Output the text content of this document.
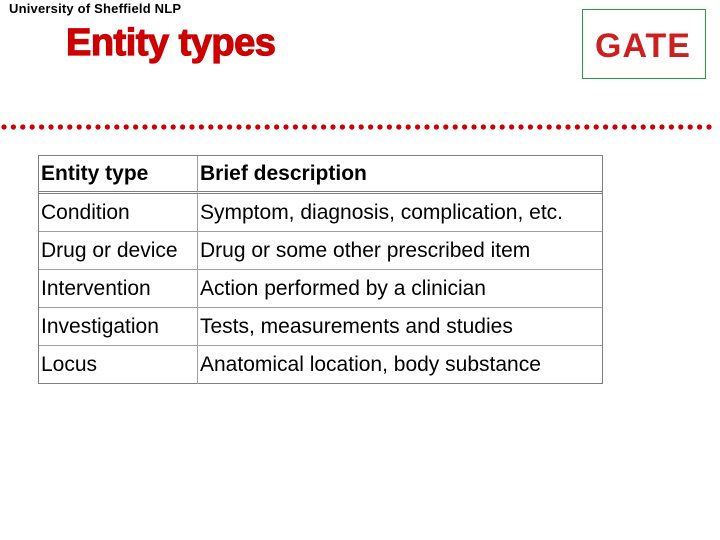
University of Sheffield NLP
Entity types	GATE
Entity type	Brief description
Condition	Symptom, diagnosis, complication, etc.
Drug or device	Drug or some other prescribed item
Intervention	Action performed by a clinician
Investigation	Tests, measurements and studies
Locus	Anatomical location, body substance
